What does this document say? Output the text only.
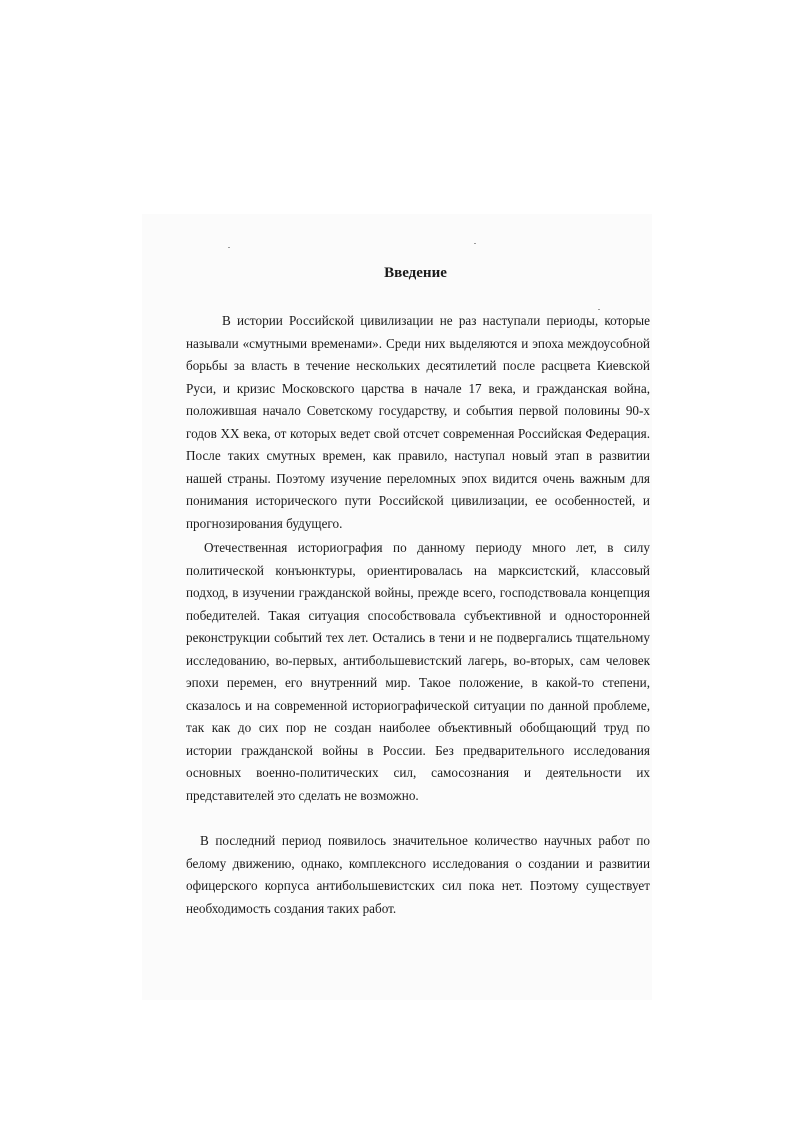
Введение

В истории Российской цивилизации не раз наступали периоды, которые называли «смутными временами». Среди них выделяются и эпоха междоусобной борьбы за власть в течение нескольких десятилетий после расцвета Киевской Руси, и кризис Московского царства в начале 17 века, и гражданская война, положившая начало Советскому государству, и события первой половины 90-х годов XX века, от которых ведет свой отсчет современная Российская Федерация. После таких смутных времен, как правило, наступал новый этап в развитии нашей страны. Поэтому изучение переломных эпох видится очень важным для понимания исторического пути Российской цивилизации, ее особенностей, и прогнозирования будущего.

Отечественная историография по данному периоду много лет, в силу политической конъюнктуры, ориентировалась на марксистский, классовый подход, в изучении гражданской войны, прежде всего, господствовала концепция победителей. Такая ситуация способствовала субъективной и односторонней реконструкции событий тех лет. Остались в тени и не подвергались тщательному исследованию, во-первых, антибольшевистский лагерь, во-вторых, сам человек эпохи перемен, его внутренний мир. Такое положение, в какой-то степени, сказалось и на современной историографической ситуации по данной проблеме, так как до сих пор не создан наиболее объективный обобщающий труд по истории гражданской войны в России. Без предварительного исследования основных военно-политических сил, самосознания и деятельности их представителей это сделать не возможно.

В последний период появилось значительное количество научных работ по белому движению, однако, комплексного исследования о создании и развитии офицерского корпуса антибольшевистских сил пока нет. Поэтому существует необходимость создания таких работ.
